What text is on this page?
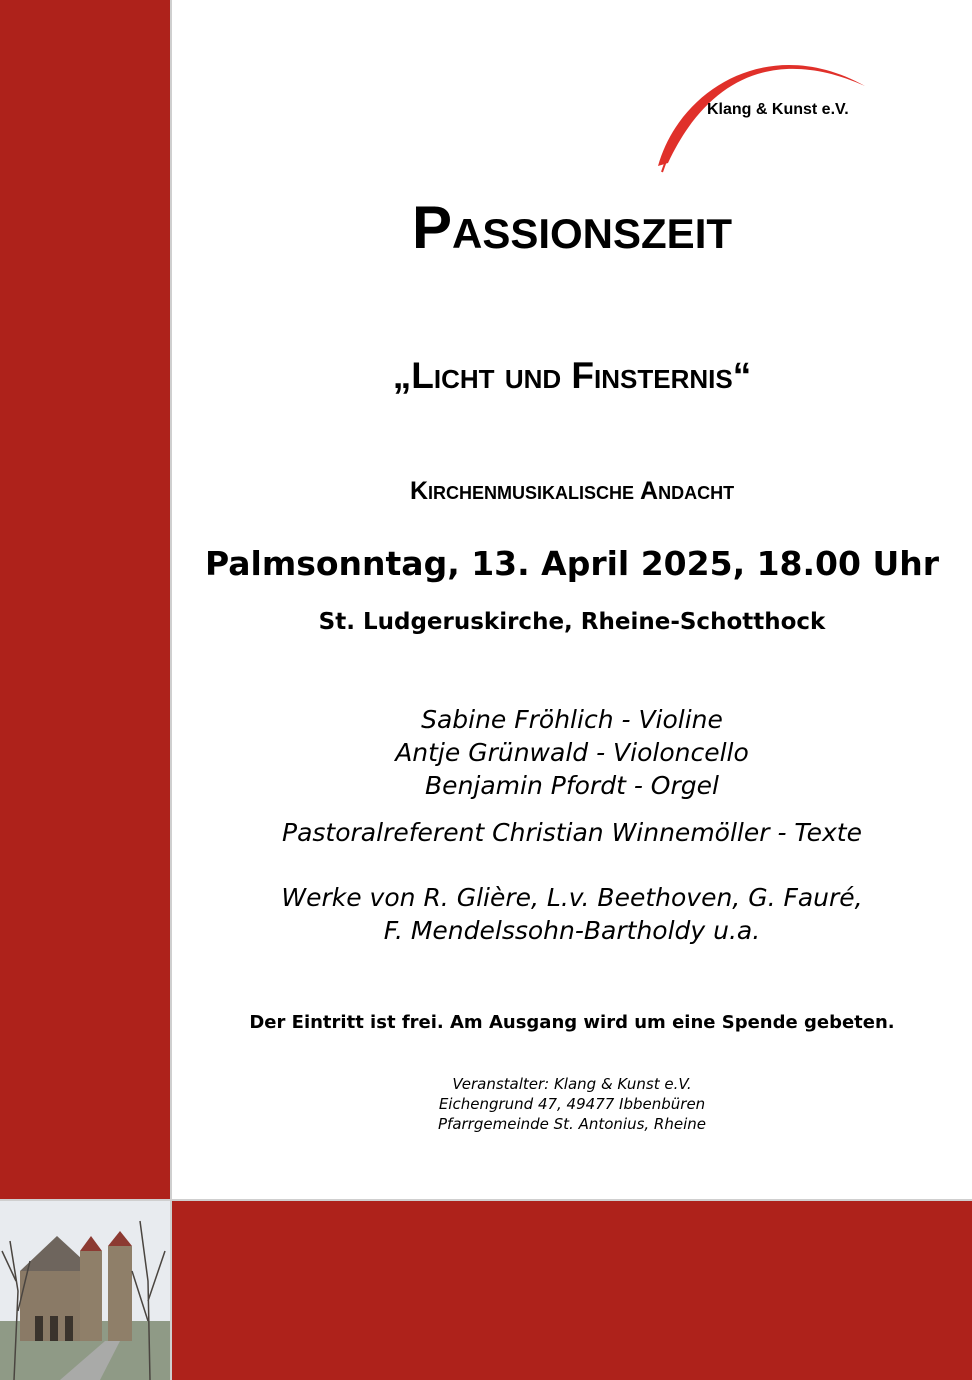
Klang & Kunst e.V.
Passionszeit
„Licht und Finsternis“
Kirchenmusikalische Andacht
Palmsonntag, 13. April 2025, 18.00 Uhr
St. Ludgeruskirche, Rheine-Schotthock
Sabine Fröhlich - Violine
Antje Grünwald - Violoncello
Benjamin Pfordt - Orgel
Pastoralreferent Christian Winnemöller - Texte
Werke von R. Glière, L.v. Beethoven, G. Fauré,
F. Mendelssohn-Bartholdy u.a.
Der Eintritt ist frei. Am Ausgang wird um eine Spende gebeten.
Veranstalter: Klang & Kunst e.V.
Eichengrund 47, 49477 Ibbenbüren
Pfarrgemeinde St. Antonius, Rheine
